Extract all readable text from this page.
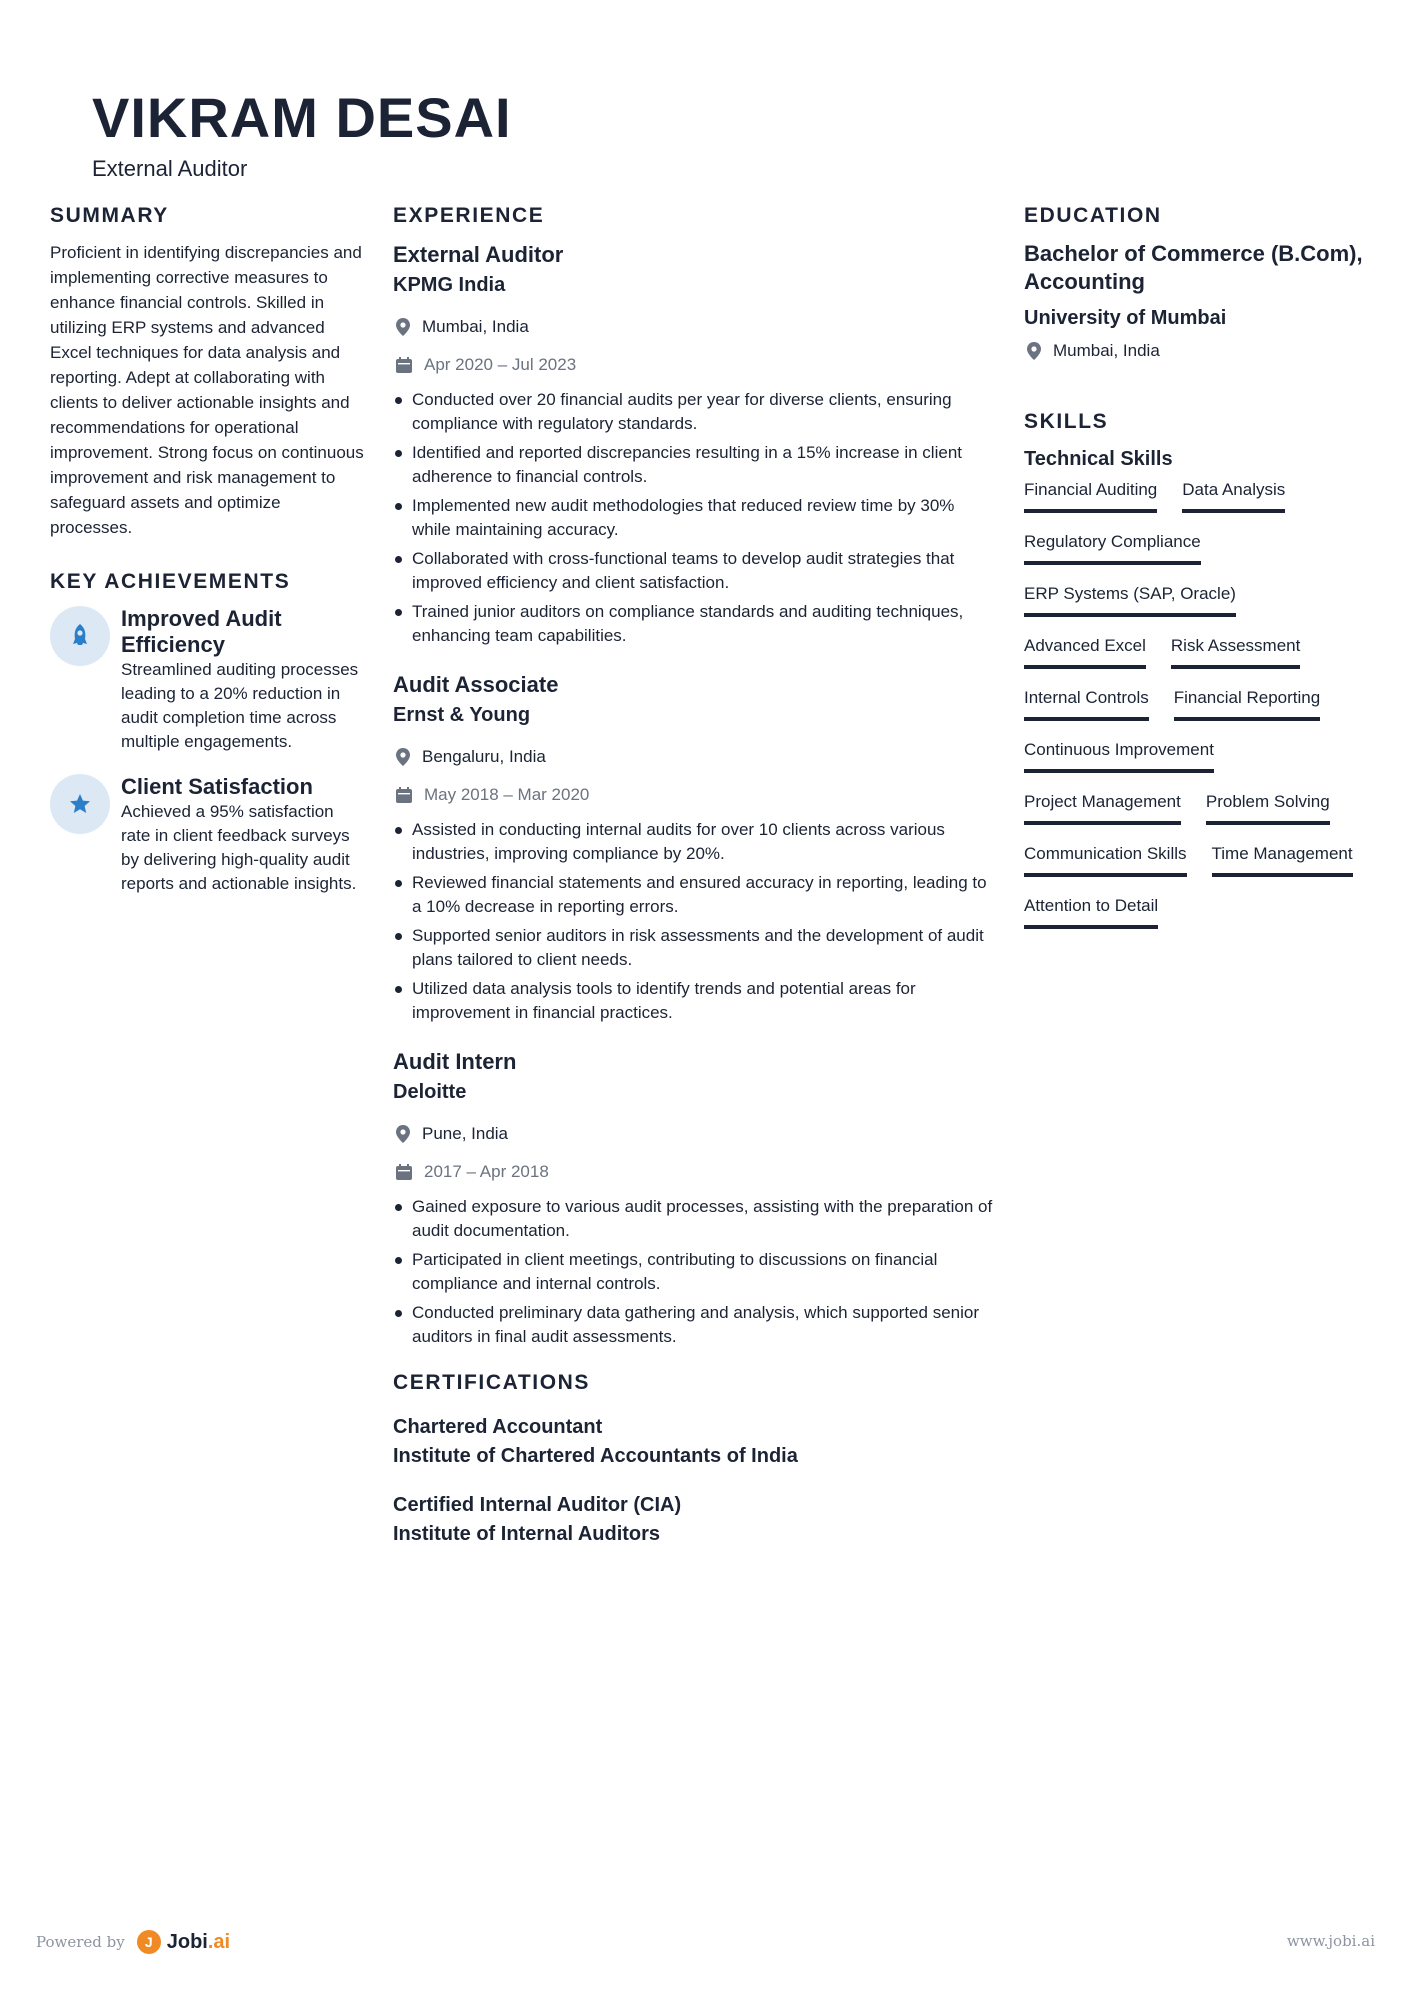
VIKRAM DESAI
External Auditor
SUMMARY
Proficient in identifying discrepancies and implementing corrective measures to enhance financial controls. Skilled in utilizing ERP systems and advanced Excel techniques for data analysis and reporting. Adept at collaborating with clients to deliver actionable insights and recommendations for operational improvement. Strong focus on continuous improvement and risk management to safeguard assets and optimize processes.
KEY ACHIEVEMENTS
Improved Audit Efficiency
Streamlined auditing processes leading to a 20% reduction in audit completion time across multiple engagements.
Client Satisfaction
Achieved a 95% satisfaction rate in client feedback surveys by delivering high-quality audit reports and actionable insights.
EXPERIENCE
External Auditor
KPMG India
Mumbai, India
Apr 2020 – Jul 2023
Conducted over 20 financial audits per year for diverse clients, ensuring compliance with regulatory standards.
Identified and reported discrepancies resulting in a 15% increase in client adherence to financial controls.
Implemented new audit methodologies that reduced review time by 30% while maintaining accuracy.
Collaborated with cross-functional teams to develop audit strategies that improved efficiency and client satisfaction.
Trained junior auditors on compliance standards and auditing techniques, enhancing team capabilities.
Audit Associate
Ernst & Young
Bengaluru, India
May 2018 – Mar 2020
Assisted in conducting internal audits for over 10 clients across various industries, improving compliance by 20%.
Reviewed financial statements and ensured accuracy in reporting, leading to a 10% decrease in reporting errors.
Supported senior auditors in risk assessments and the development of audit plans tailored to client needs.
Utilized data analysis tools to identify trends and potential areas for improvement in financial practices.
Audit Intern
Deloitte
Pune, India
2017 – Apr 2018
Gained exposure to various audit processes, assisting with the preparation of audit documentation.
Participated in client meetings, contributing to discussions on financial compliance and internal controls.
Conducted preliminary data gathering and analysis, which supported senior auditors in final audit assessments.
CERTIFICATIONS
Chartered Accountant
Institute of Chartered Accountants of India
Certified Internal Auditor (CIA)
Institute of Internal Auditors
EDUCATION
Bachelor of Commerce (B.Com), Accounting
University of Mumbai
Mumbai, India
SKILLS
Technical Skills
Financial Auditing Data Analysis
Regulatory Compliance
ERP Systems (SAP, Oracle)
Advanced Excel Risk Assessment
Internal Controls Financial Reporting
Continuous Improvement
Project Management Problem Solving
Communication Skills Time Management
Attention to Detail
Powered by	J Jobi.ai	www.jobi.ai
